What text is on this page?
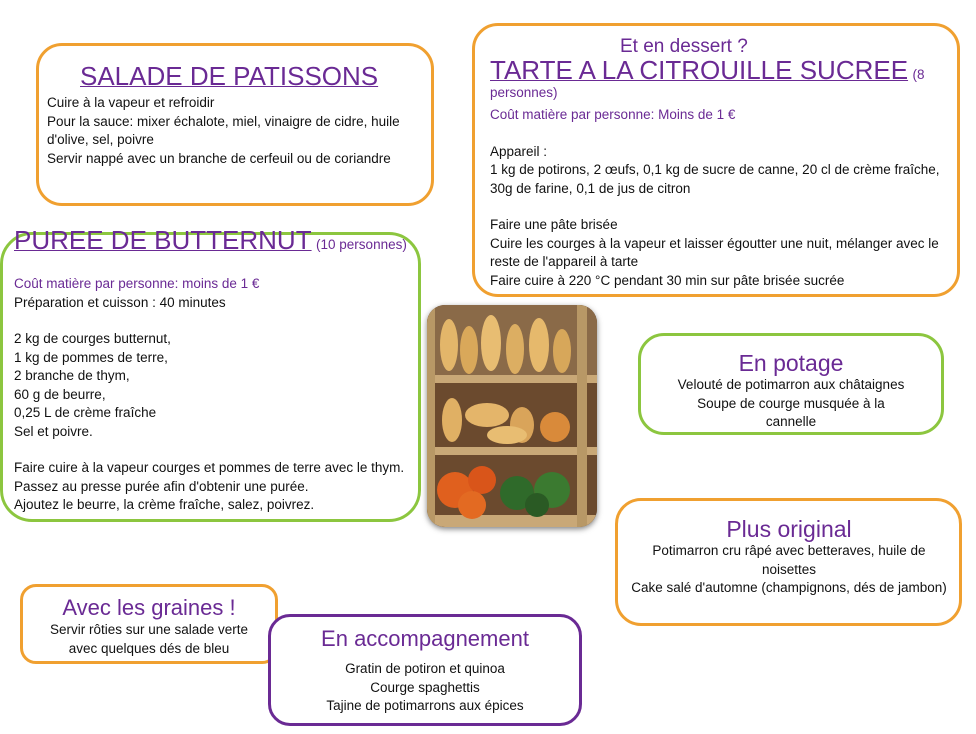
SALADE DE PATISSONS
Cuire à la vapeur et refroidir
Pour la sauce: mixer échalote, miel, vinaigre de cidre, huile d'olive, sel, poivre
Servir nappé avec un branche de cerfeuil ou de coriandre
Et en dessert ?
TARTE A LA CITROUILLE SUCREE (8 personnes)
Coût matière par personne: Moins de 1 €
Appareil :
1 kg de potirons, 2 œufs, 0,1 kg de sucre de canne, 20 cl de crème fraîche, 30g de farine, 0,1 de jus de citron
Faire une pâte brisée
Cuire les courges à la vapeur et laisser égoutter une nuit, mélanger avec le reste de l'appareil à tarte
Faire cuire à 220 °C pendant 30 min sur pâte brisée sucrée
PUREE DE BUTTERNUT (10 personnes)
Coût matière par personne: moins de 1 €
Préparation et cuisson : 40 minutes
2 kg de courges butternut,
1 kg de pommes de terre,
2 branche de thym,
60 g de beurre,
0,25 L de crème fraîche
Sel et poivre.
Faire cuire à la vapeur courges et pommes de terre avec le thym.
Passez au presse purée afin d'obtenir une purée.
Ajoutez le beurre, la crème fraîche, salez, poivrez.
En potage
Velouté de potimarron aux châtaignes
Soupe de courge musquée à la cannelle
Plus original
Potimarron cru râpé avec betteraves, huile de noisettes
Cake salé d'automne (champignons, dés de jambon)
Avec les graines !
Servir rôties sur une salade verte avec quelques dés de bleu	En accompagnement
Gratin de potiron et quinoa
Courge spaghettis
Tajine de potimarrons aux épices
